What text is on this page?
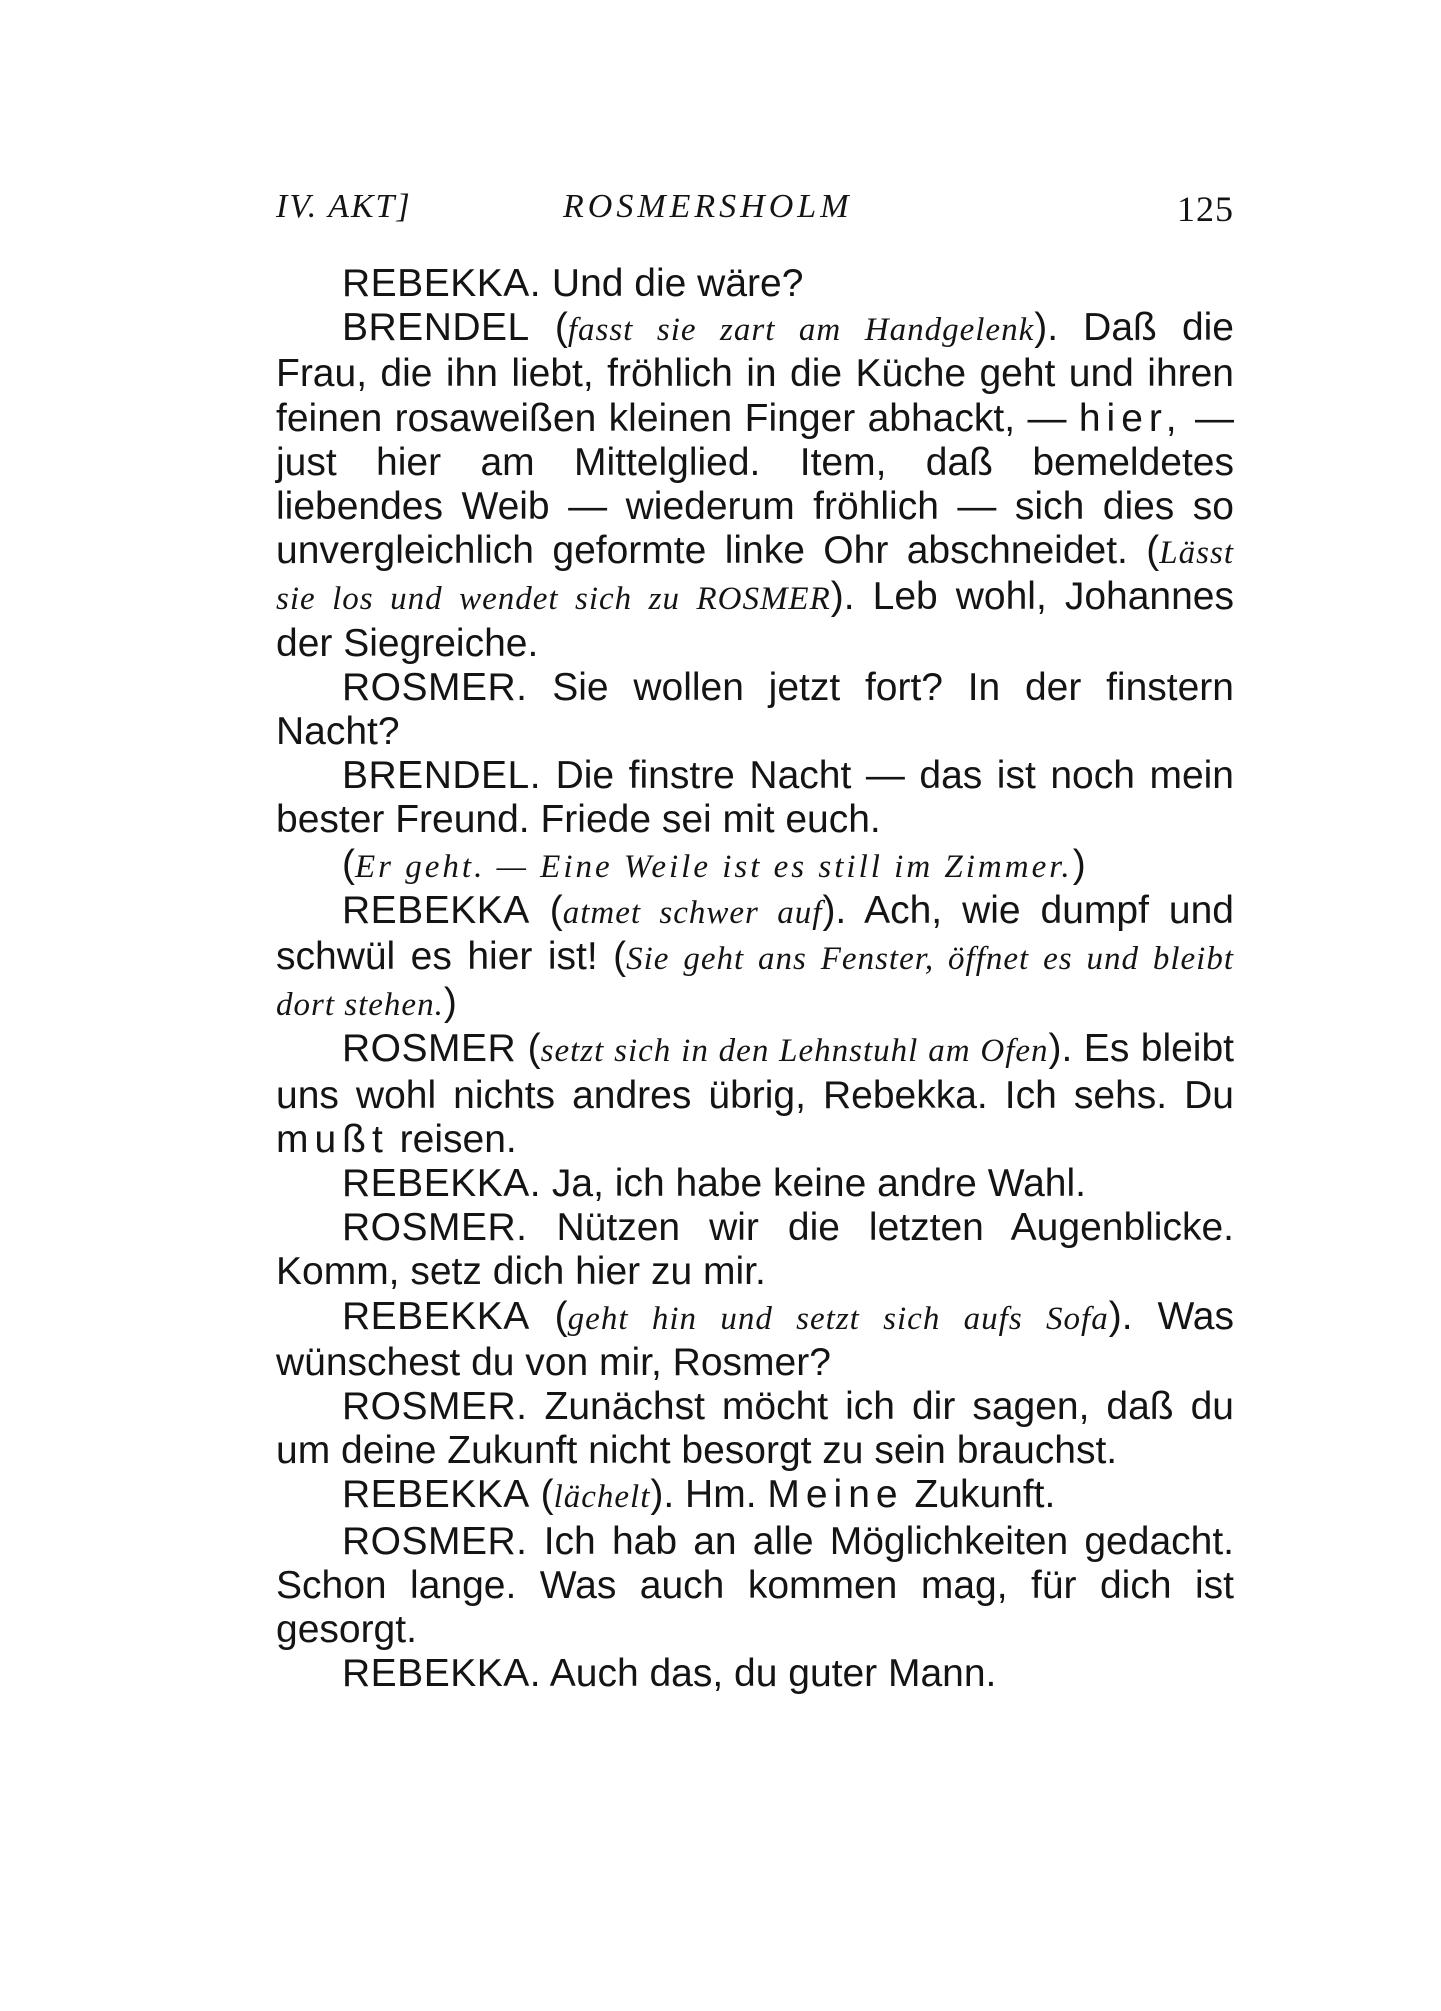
IV. AKT]	ROSMERSHOLM	125

REBEKKA. Und die wäre?

BRENDEL (fasst sie zart am Handgelenk). Daß die Frau, die ihn liebt, fröhlich in die Küche geht und ihren feinen rosaweißen kleinen Finger abhackt, — hier, — just hier am Mittelglied. Item, daß bemeldetes liebendes Weib — wiederum fröhlich — sich dies so unvergleichlich geformte linke Ohr abschneidet. (Lässt sie los und wendet sich zu ROSMER). Leb wohl, Johannes der Siegreiche.

ROSMER. Sie wollen jetzt fort? In der finstern Nacht?

BRENDEL. Die finstre Nacht — das ist noch mein bester Freund. Friede sei mit euch.

(Er geht. — Eine Weile ist es still im Zimmer.)

REBEKKA (atmet schwer auf). Ach, wie dumpf und schwül es hier ist! (Sie geht ans Fenster, öffnet es und bleibt dort stehen.)

ROSMER (setzt sich in den Lehnstuhl am Ofen). Es bleibt uns wohl nichts andres übrig, Rebekka. Ich sehs. Du mußt reisen.

REBEKKA. Ja, ich habe keine andre Wahl.

ROSMER. Nützen wir die letzten Augenblicke. Komm, setz dich hier zu mir.

REBEKKA (geht hin und setzt sich aufs Sofa). Was wünschest du von mir, Rosmer?

ROSMER. Zunächst möcht ich dir sagen, daß du um deine Zukunft nicht besorgt zu sein brauchst.

REBEKKA (lächelt). Hm. Meine Zukunft.

ROSMER. Ich hab an alle Möglichkeiten gedacht. Schon lange. Was auch kommen mag, für dich ist gesorgt.

REBEKKA. Auch das, du guter Mann.
